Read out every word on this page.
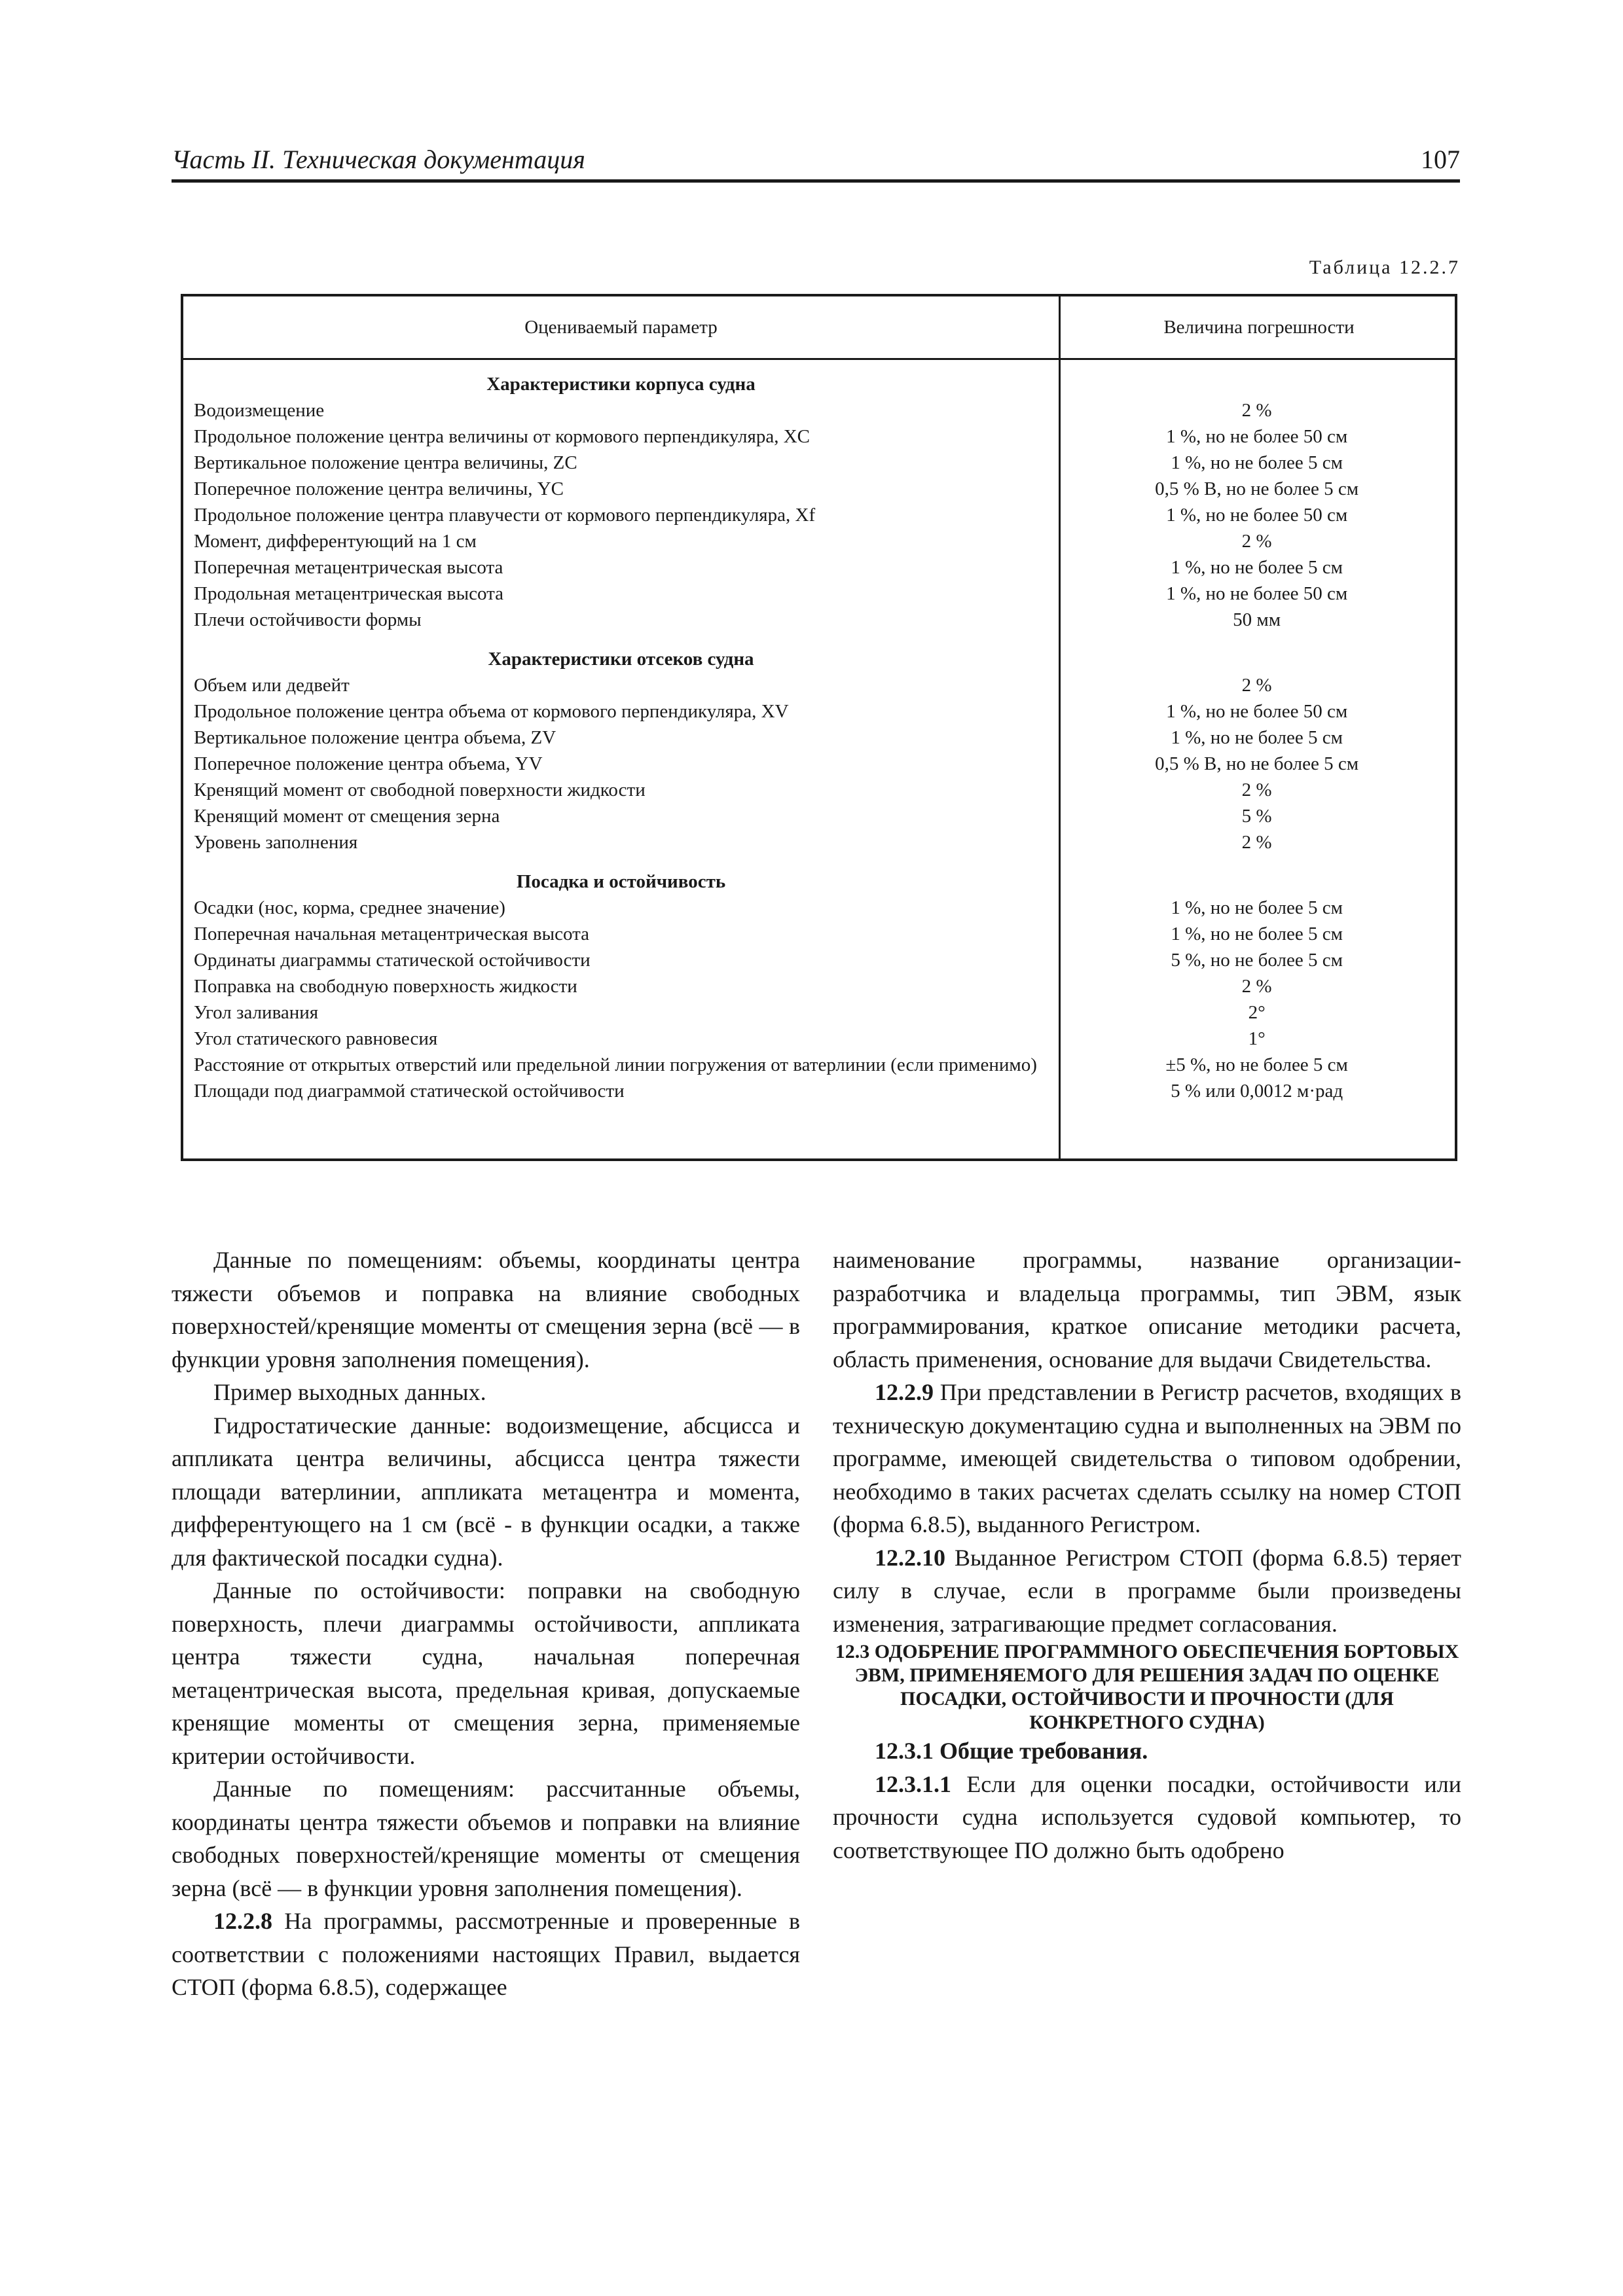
Часть II. Техническая документация	107
Таблица 12.2.7
Оцениваемый параметр	Величина погрешности
Характеристики корпуса судна
Водоизмещение	2 %
Продольное положение центра величины от кормового перпендикуляра, XC	1 %, но не более 50 см
Вертикальное положение центра величины, ZC	1 %, но не более 5 см
Поперечное положение центра величины, YC	0,5 % B, но не более 5 см
Продольное положение центра плавучести от кормового перпендикуляра, Xf	1 %, но не более 50 см
Момент, дифферентующий на 1 см	2 %
Поперечная метацентрическая высота	1 %, но не более 5 см
Продольная метацентрическая высота	1 %, но не более 50 см
Плечи остойчивости формы	50 мм
Характеристики отсеков судна
Объем или дедвейт	2 %
Продольное положение центра объема от кормового перпендикуляра, XV	1 %, но не более 50 см
Вертикальное положение центра объема, ZV	1 %, но не более 5 см
Поперечное положение центра объема, YV	0,5 % B, но не более 5 см
Кренящий момент от свободной поверхности жидкости	2 %
Кренящий момент от смещения зерна	5 %
Уровень заполнения	2 %
Посадка и остойчивость
Осадки (нос, корма, среднее значение)	1 %, но не более 5 см
Поперечная начальная метацентрическая высота	1 %, но не более 5 см
Ординаты диаграммы статической остойчивости	5 %, но не более 5 см
Поправка на свободную поверхность жидкости	2 %
Угол заливания	2°
Угол статического равновесия	1°
Расстояние от открытых отверстий или предельной линии погружения от ватерлинии (если применимо)	±5 %, но не более 5 см
Площади под диаграммой статической остойчивости	5 % или 0,0012 м·рад

Данные по помещениям: объемы, координаты центра тяжести объемов и поправка на влияние свободных поверхностей/кренящие моменты от смещения зерна (всё — в функции уровня заполнения помещения).

Пример выходных данных.

Гидростатические данные: водоизмещение, абсцисса и аппликата центра величины, абсцисса центра тяжести площади ватерлинии, аппликата метацентра и момента, дифферентующего на 1 см (всё - в функции осадки, а также для фактической посадки судна).

Данные по остойчивости: поправки на свободную поверхность, плечи диаграммы остойчивости, аппликата центра тяжести судна, начальная поперечная метацентрическая высота, предельная кривая, допускаемые кренящие моменты от смещения зерна, применяемые критерии остойчивости.

Данные по помещениям: рассчитанные объемы, координаты центра тяжести объемов и поправки на влияние свободных поверхностей/кренящие моменты от смещения зерна (всё — в функции уровня заполнения помещения).

12.2.8 На программы, рассмотренные и проверенные в соответствии с положениями настоящих Правил, выдается СТОП (форма 6.8.5), содержащее

наименование программы, название организации-разработчика и владельца программы, тип ЭВМ, язык программирования, краткое описание методики расчета, область применения, основание для выдачи Свидетельства.

12.2.9 При представлении в Регистр расчетов, входящих в техническую документацию судна и выполненных на ЭВМ по программе, имеющей свидетельства о типовом одобрении, необходимо в таких расчетах сделать ссылку на номер СТОП (форма 6.8.5), выданного Регистром.

12.2.10 Выданное Регистром СТОП (форма 6.8.5) теряет силу в случае, если в программе были произведены изменения, затрагивающие предмет согласования.

12.3 ОДОБРЕНИЕ ПРОГРАММНОГО ОБЕСПЕЧЕНИЯ БОРТОВЫХ ЭВМ, ПРИМЕНЯЕМОГО ДЛЯ РЕШЕНИЯ ЗАДАЧ ПО ОЦЕНКЕ ПОСАДКИ, ОСТОЙЧИВОСТИ И ПРОЧНОСТИ (ДЛЯ КОНКРЕТНОГО СУДНА)

12.3.1 Общие требования.

12.3.1.1 Если для оценки посадки, остойчивости или прочности судна используется судовой компьютер, то соответствующее ПО должно быть одобрено
